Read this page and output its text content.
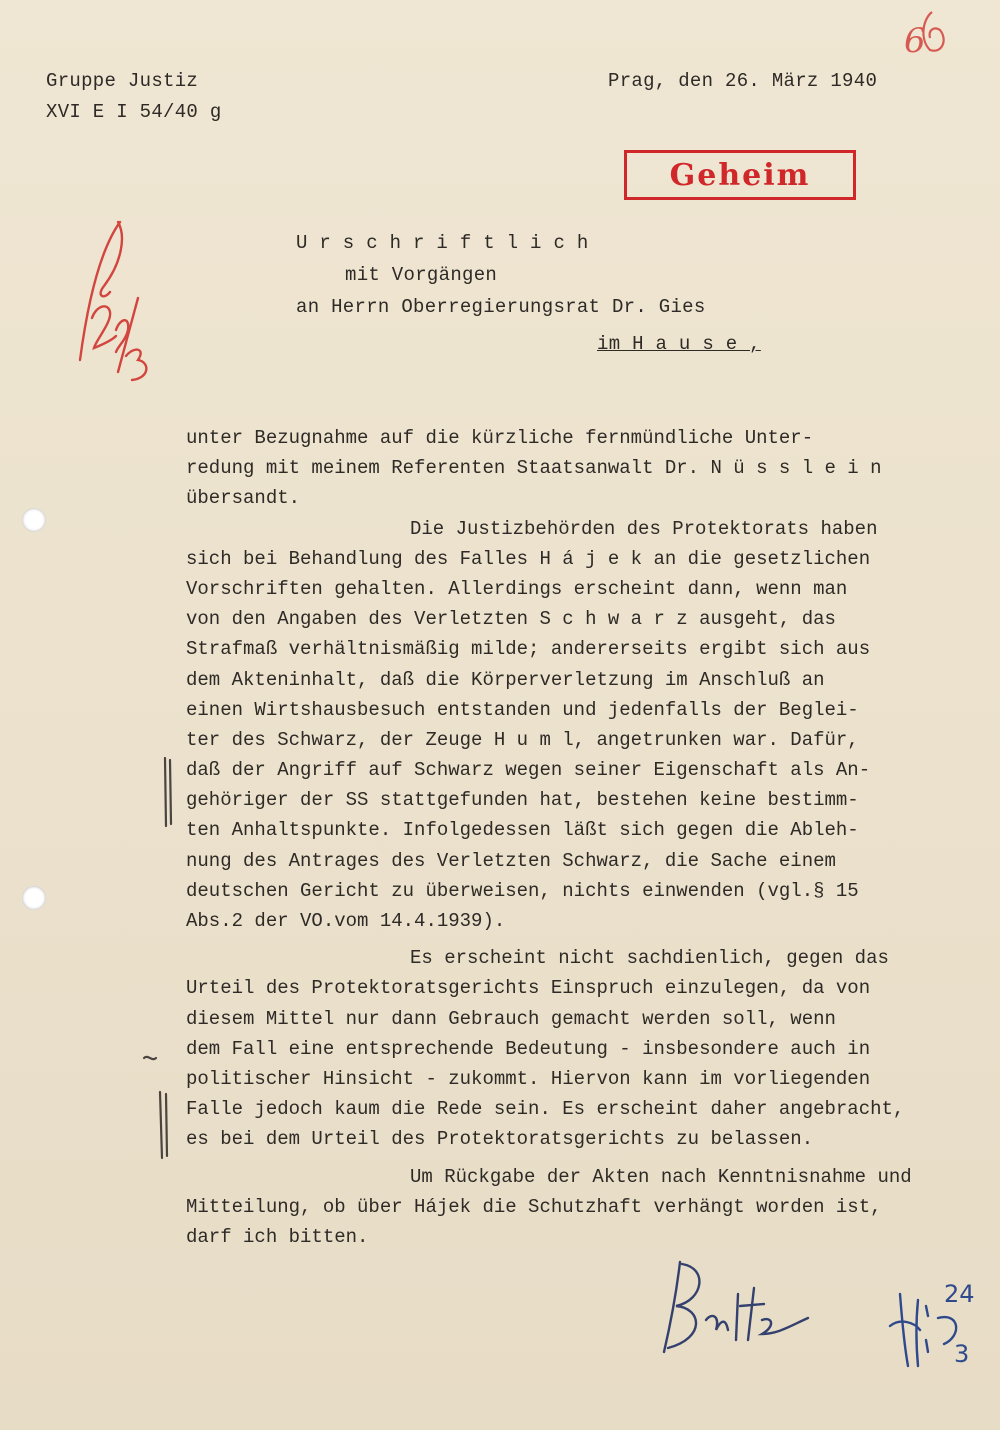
Gruppe Justiz
XVI E I 54/40 g
Prag, den 26. März 1940
Geheim
U r s c h r i f t l i c h
mit Vorgängen
an Herrn Oberregierungsrat Dr. Gies
im H a u s e ,
unter Bezugnahme auf die kürzliche fernmündliche Unter-
redung mit meinem Referenten Staatsanwalt Dr. N ü s s l e i n
übersandt.
Die Justizbehörden des Protektorats haben
sich bei Behandlung des Falles H á j e k an die gesetzlichen
Vorschriften gehalten. Allerdings erscheint dann, wenn man
von den Angaben des Verletzten S c h w a r z ausgeht, das
Strafmaß verhältnismäßig milde; andererseits ergibt sich aus
dem Akteninhalt, daß die Körperverletzung im Anschluß an
einen Wirtshausbesuch entstanden und jedenfalls der Beglei-
ter des Schwarz, der Zeuge H u m l, angetrunken war. Dafür,
daß der Angriff auf Schwarz wegen seiner Eigenschaft als An-
gehöriger der SS stattgefunden hat, bestehen keine bestimm-
ten Anhaltspunkte. Infolgedessen läßt sich gegen die Ableh-
nung des Antrages des Verletzten Schwarz, die Sache einem
deutschen Gericht zu überweisen, nichts einwenden (vgl.§ 15
Abs.2 der VO.vom 14.4.1939).
Es erscheint nicht sachdienlich, gegen das
Urteil des Protektoratsgerichts Einspruch einzulegen, da von
diesem Mittel nur dann Gebrauch gemacht werden soll, wenn
dem Fall eine entsprechende Bedeutung - insbesondere auch in
politischer Hinsicht - zukommt. Hiervon kann im vorliegenden
Falle jedoch kaum die Rede sein. Es erscheint daher angebracht,
es bei dem Urteil des Protektoratsgerichts zu belassen.
Um Rückgabe der Akten nach Kenntnisnahme und
Mitteilung, ob über Hájek die Schutzhaft verhängt worden ist,
darf ich bitten.
6
24
3
